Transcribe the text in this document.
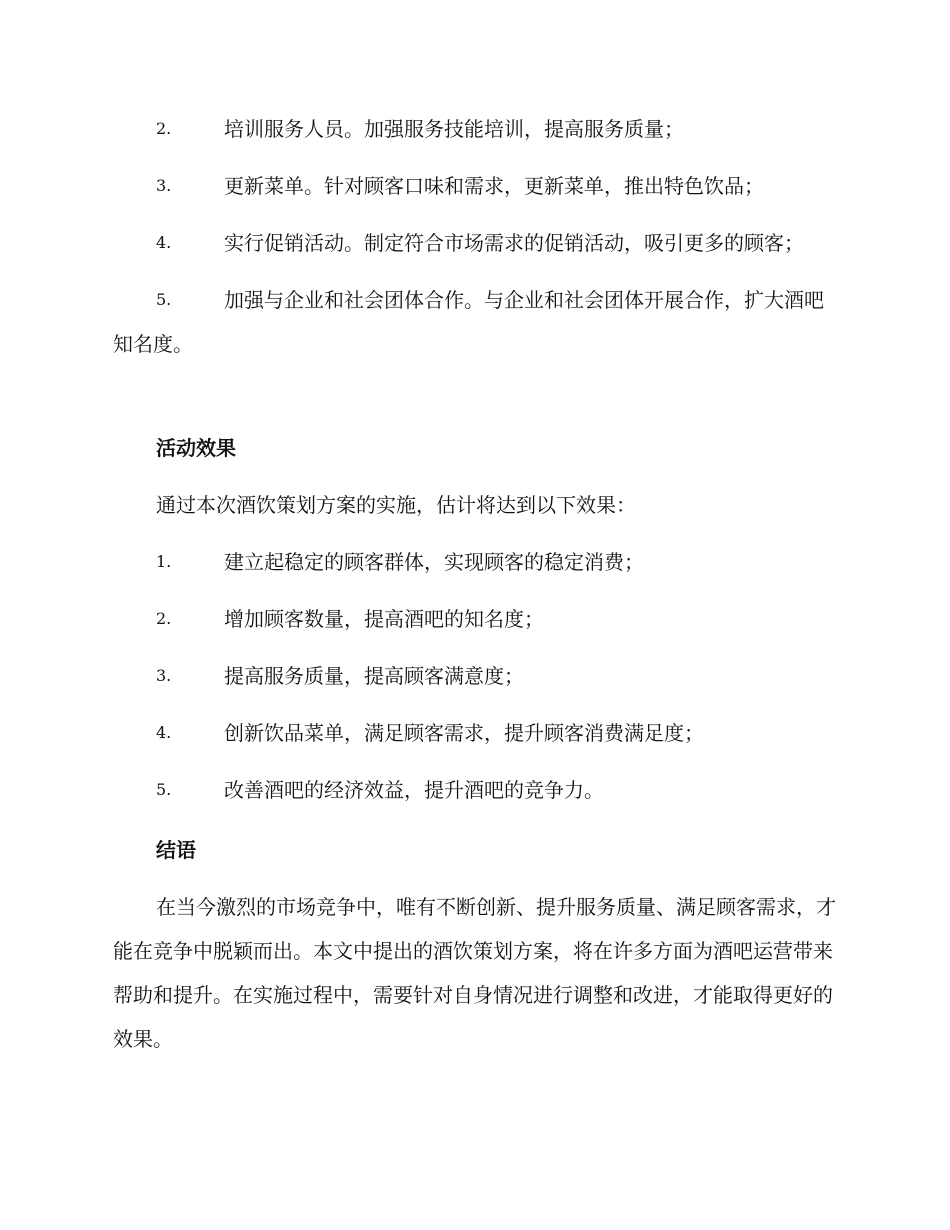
2.	培训服务人员。加强服务技能培训，提高服务质量；
3.	更新菜单。针对顾客口味和需求，更新菜单，推出特色饮品；
4.	实行促销活动。制定符合市场需求的促销活动，吸引更多的顾客；
5.	加强与企业和社会团体合作。与企业和社会团体开展合作，扩大酒吧知名度。
活动效果
通过本次酒饮策划方案的实施，估计将达到以下效果：
1.	建立起稳定的顾客群体，实现顾客的稳定消费；
2.	增加顾客数量，提高酒吧的知名度；
3.	提高服务质量，提高顾客满意度；
4.	创新饮品菜单，满足顾客需求，提升顾客消费满足度；
5.	改善酒吧的经济效益，提升酒吧的竞争力。
结语
在当今激烈的市场竞争中，唯有不断创新、提升服务质量、满足顾客需求，才能在竞争中脱颖而出。本文中提出的酒饮策划方案，将在许多方面为酒吧运营带来帮助和提升。在实施过程中，需要针对自身情况进行调整和改进，才能取得更好的效果。
